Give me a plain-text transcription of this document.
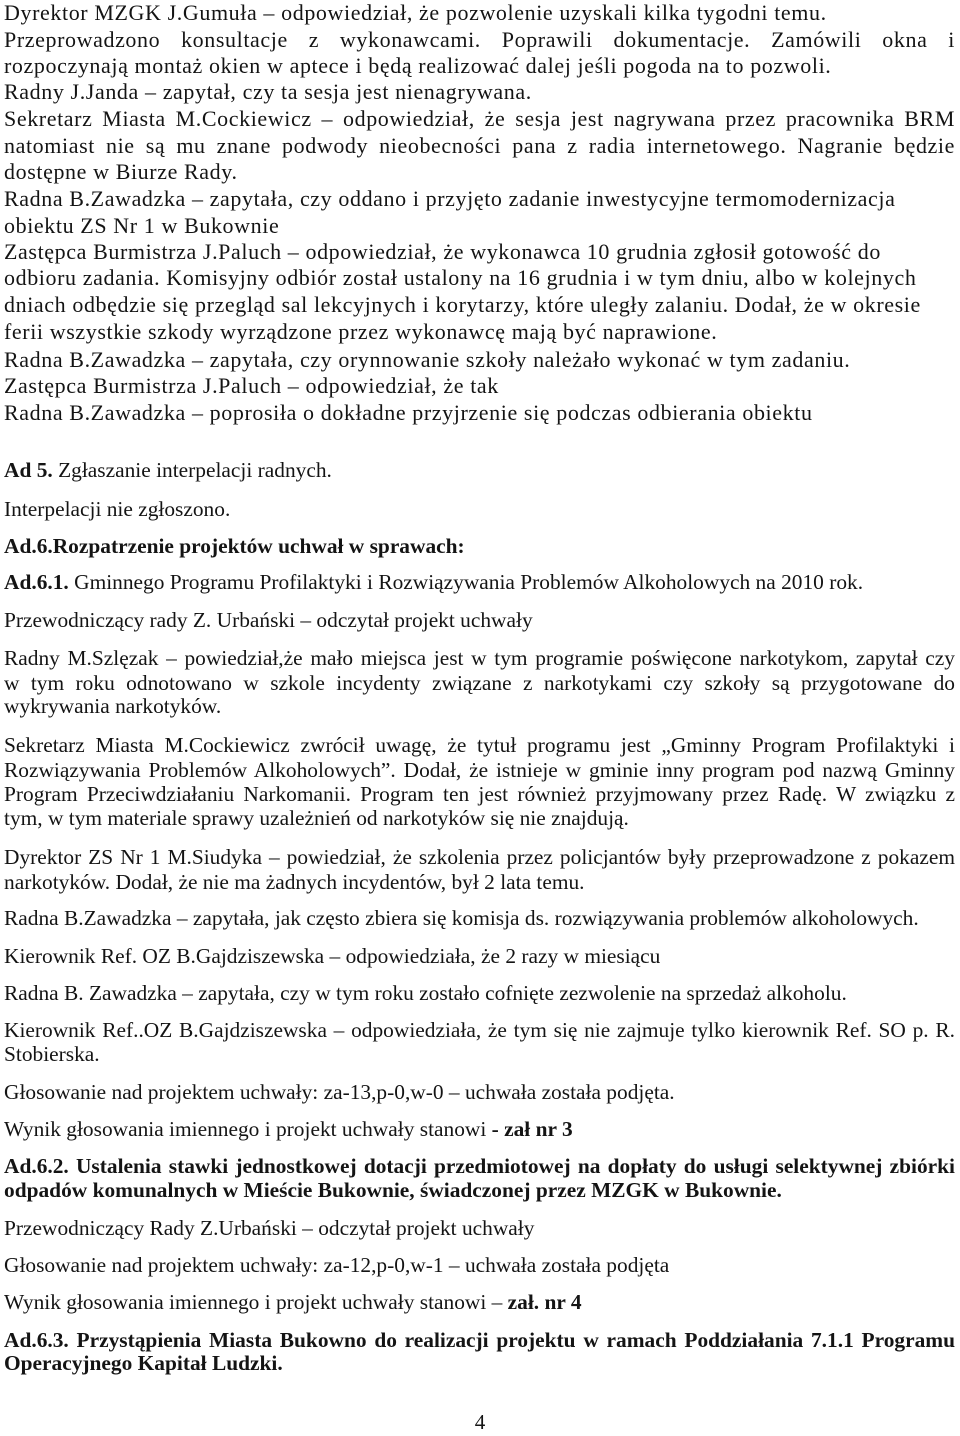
Dyrektor MZGK J.Gumuła – odpowiedział, że pozwolenie uzyskali kilka tygodni temu.
Przeprowadzono konsultacje z wykonawcami. Poprawili dokumentacje. Zamówili okna i
rozpoczynają montaż okien w aptece i będą realizować dalej jeśli pogoda na to pozwoli.
Radny J.Janda – zapytał, czy ta sesja jest nienagrywana.
Sekretarz Miasta M.Cockiewicz – odpowiedział, że sesja jest nagrywana przez pracownika BRM
natomiast nie są mu znane podwody nieobecności pana z radia internetowego. Nagranie będzie
dostępne w Biurze Rady.
Radna B.Zawadzka – zapytała, czy oddano i przyjęto zadanie inwestycyjne termomodernizacja
obiektu ZS Nr 1 w Bukownie
Zastępca Burmistrza J.Paluch – odpowiedział, że wykonawca 10 grudnia zgłosił gotowość do
odbioru zadania. Komisyjny odbiór został ustalony na 16 grudnia i w tym dniu, albo w kolejnych
dniach odbędzie się przegląd sal lekcyjnych i korytarzy, które uległy zalaniu. Dodał, że w okresie
ferii wszystkie szkody wyrządzone przez wykonawcę mają być naprawione.
Radna B.Zawadzka – zapytała, czy orynnowanie szkoły należało wykonać w tym zadaniu.
Zastępca Burmistrza J.Paluch – odpowiedział, że tak
Radna B.Zawadzka – poprosiła o dokładne przyjrzenie się podczas odbierania obiektu
Ad 5. Zgłaszanie interpelacji radnych.
Interpelacji nie zgłoszono.
Ad.6.Rozpatrzenie projektów uchwał w sprawach:
Ad.6.1. Gminnego Programu Profilaktyki i Rozwiązywania Problemów Alkoholowych na 2010 rok.
Przewodniczący rady Z. Urbański – odczytał projekt uchwały
Radny M.Szlęzak – powiedział,że mało miejsca jest w tym programie poświęcone narkotykom, zapytał czy
w tym roku odnotowano w szkole incydenty związane z narkotykami czy szkoły są przygotowane do
wykrywania narkotyków.
Sekretarz Miasta M.Cockiewicz zwrócił uwagę, że tytuł programu jest „Gminny Program Profilaktyki i
Rozwiązywania Problemów Alkoholowych”. Dodał, że istnieje w gminie inny program pod nazwą Gminny
Program Przeciwdziałaniu Narkomanii. Program ten jest również przyjmowany przez Radę. W związku z
tym, w tym materiale sprawy uzależnień od narkotyków się nie znajdują.
Dyrektor ZS Nr 1 M.Siudyka – powiedział, że szkolenia przez policjantów były przeprowadzone z pokazem
narkotyków. Dodał, że nie ma żadnych incydentów, był 2 lata temu.
Radna B.Zawadzka – zapytała, jak często zbiera się komisja ds. rozwiązywania problemów alkoholowych.
Kierownik Ref. OZ B.Gajdziszewska – odpowiedziała, że 2 razy w miesiącu
Radna B. Zawadzka – zapytała, czy w tym roku zostało cofnięte zezwolenie na sprzedaż alkoholu.
Kierownik Ref..OZ B.Gajdziszewska – odpowiedziała, że tym się nie zajmuje tylko kierownik Ref. SO p. R.
Stobierska.
Głosowanie nad projektem uchwały: za-13,p-0,w-0 – uchwała została podjęta.
Wynik głosowania imiennego i projekt uchwały stanowi - zał nr 3
Ad.6.2. Ustalenia stawki jednostkowej dotacji przedmiotowej na dopłaty do usługi selektywnej zbiórki
odpadów komunalnych w Mieście Bukownie, świadczonej przez MZGK w Bukownie.
Przewodniczący Rady Z.Urbański – odczytał projekt uchwały
Głosowanie nad projektem uchwały: za-12,p-0,w-1 – uchwała została podjęta
Wynik głosowania imiennego i projekt uchwały stanowi – zał. nr 4
Ad.6.3. Przystąpienia Miasta Bukowno do realizacji projektu w ramach Poddziałania 7.1.1 Programu
Operacyjnego Kapitał Ludzki.
4
